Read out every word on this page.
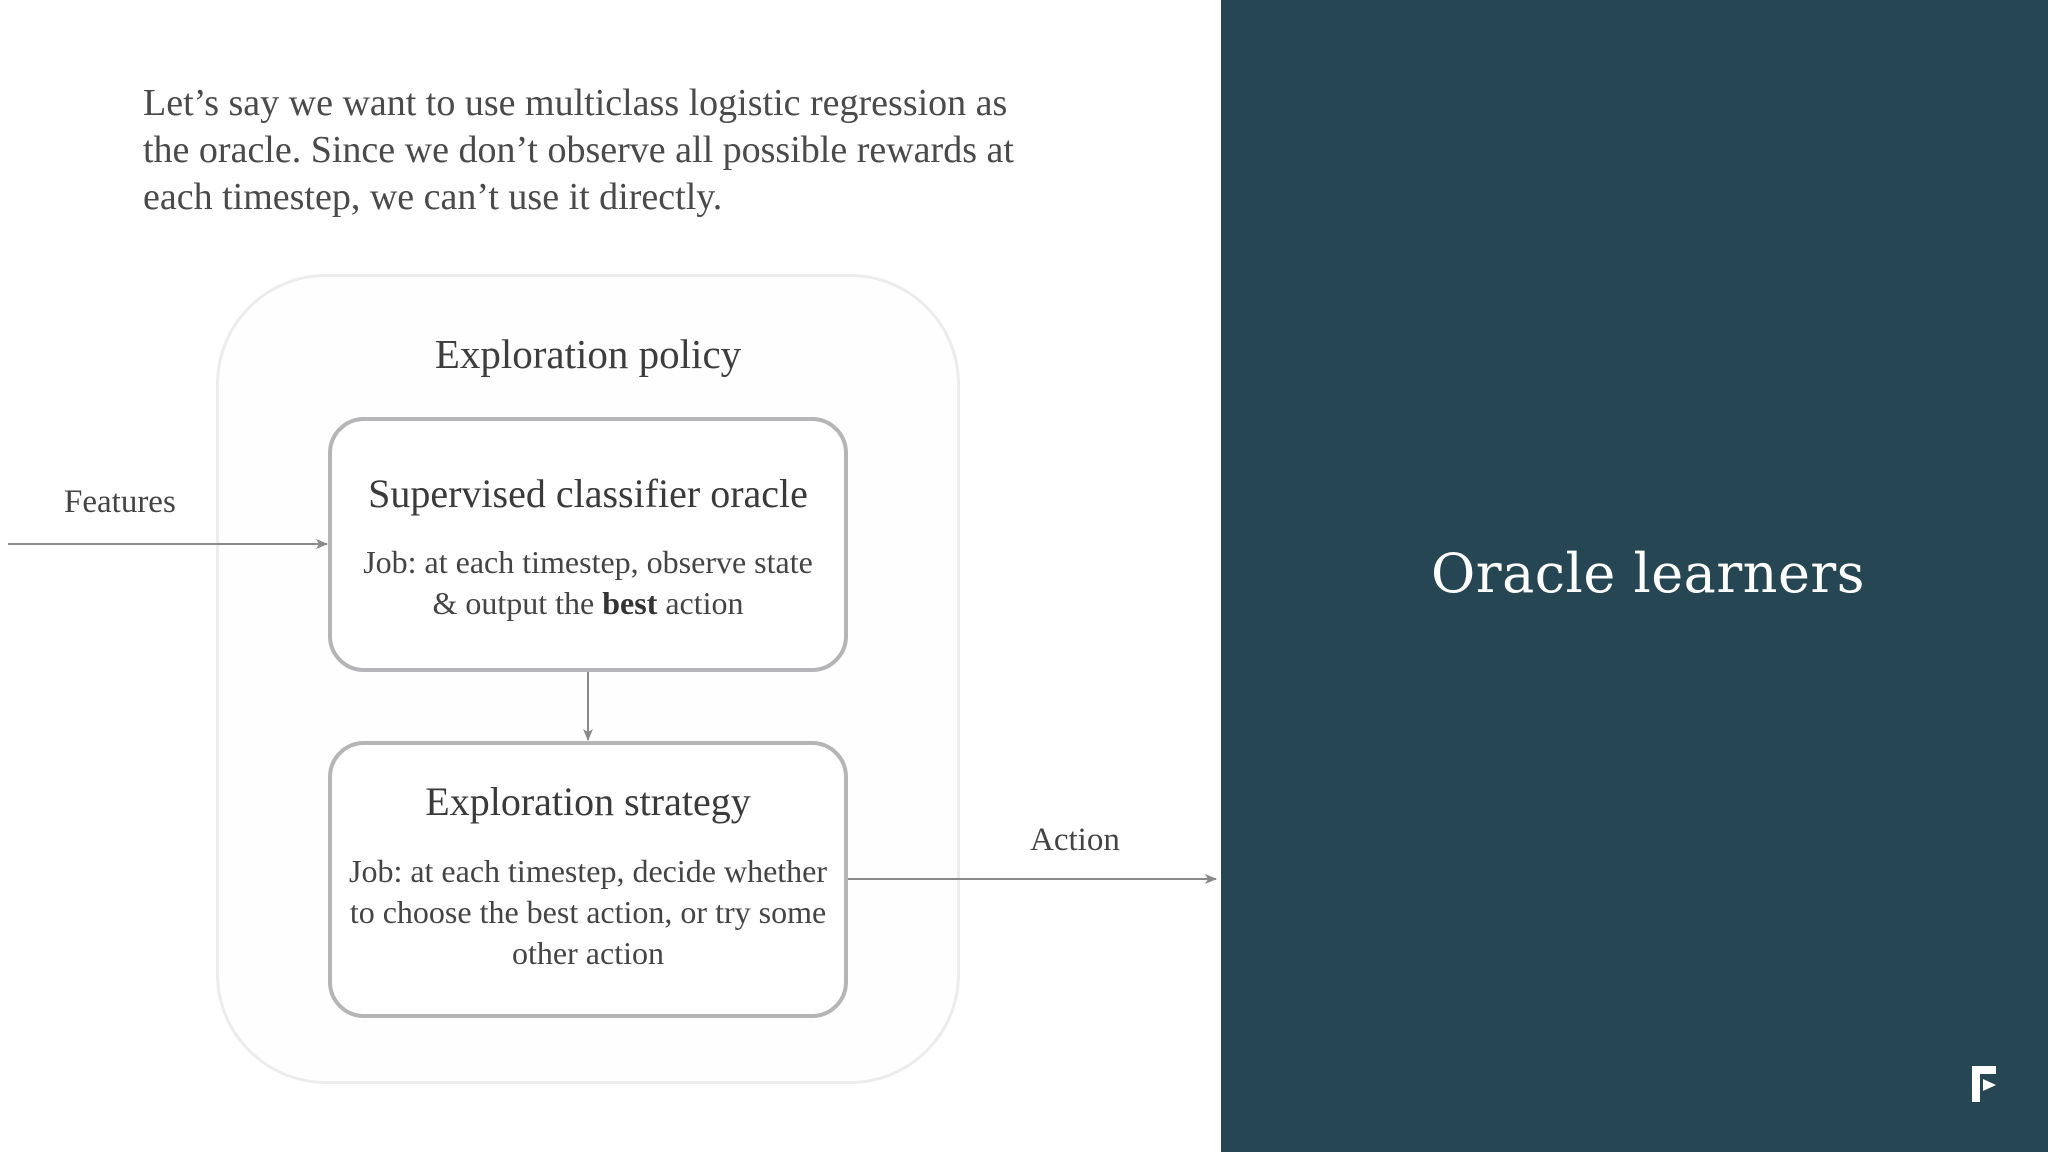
Let’s say we want to use multiclass logistic regression as the oracle. Since we don’t observe all possible rewards at each timestep, we can’t use it directly.

Exploration policy

Supervised classifier oracle

Job: at each timestep, observe state & output the best action

Exploration strategy

Job: at each timestep, decide whether to choose the best action, or try some other action

Features

Action

Oracle learners
